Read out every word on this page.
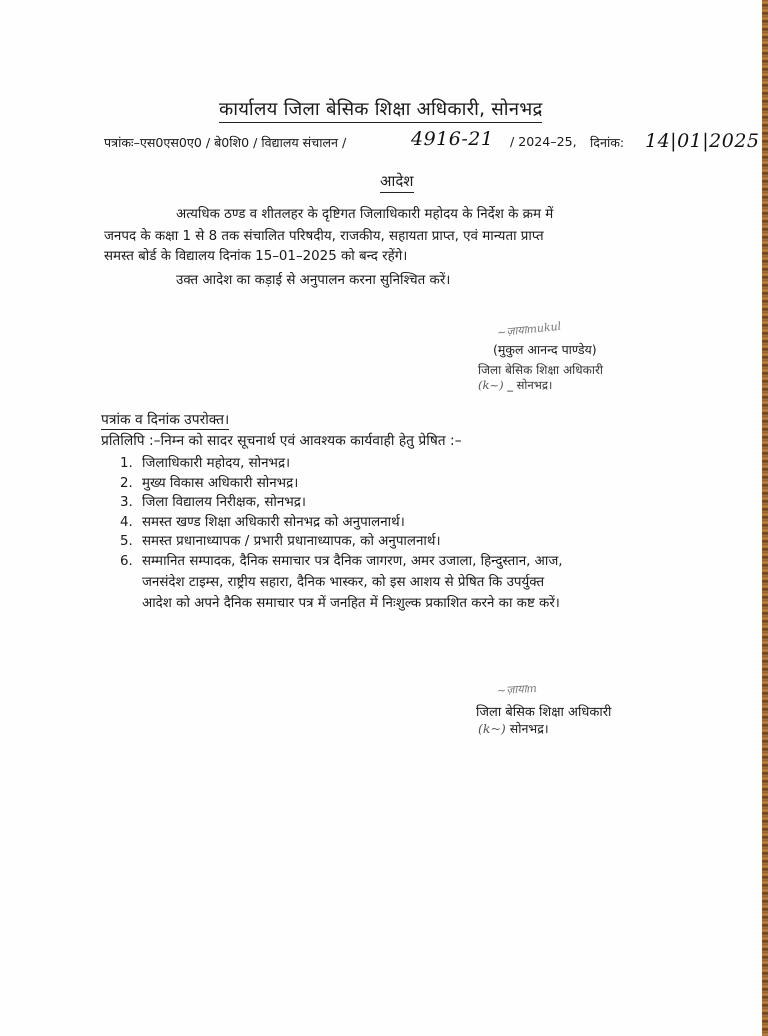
कार्यालय जिला बेसिक शिक्षा अधिकारी, सोनभद्र
पत्रांकः–एस0एस0ए0 / बे0शि0 / विद्यालय संचालन /	4916-21 / 2024–25, दिनांक: 14|01|2025
आदेश
अत्यधिक ठण्ड व शीतलहर के दृष्टिगत जिलाधिकारी महोदय के निर्देश के क्रम में
जनपद के कक्षा 1 से 8 तक संचालित परिषदीय, राजकीय, सहायता प्राप्त, एवं मान्यता प्राप्त
समस्त बोर्ड के विद्यालय दिनांक 15–01–2025 को बन्द रहेंगे।
उक्त आदेश का कड़ाई से अनुपालन करना सुनिश्चित करें।
~ज़ायाmukul
(मुकुल आनन्द पाण्डेय)
जिला बेसिक शिक्षा अधिकारी
(k~) _ सोनभद्र।
पत्रांक व दिनांक उपरोक्त।
प्रतिलिपि :–निम्न को सादर सूचनार्थ एवं आवश्यक कार्यवाही हेतु प्रेषित :–
1. जिलाधिकारी महोदय, सोनभद्र।
2. मुख्य विकास अधिकारी सोनभद्र।
3. जिला विद्यालय निरीक्षक, सोनभद्र।
4. समस्त खण्ड शिक्षा अधिकारी सोनभद्र को अनुपालनार्थ।
5. समस्त प्रधानाध्यापक / प्रभारी प्रधानाध्यापक, को अनुपालनार्थ।
6. सम्मानित सम्पादक, दैनिक समाचार पत्र दैनिक जागरण, अमर उजाला, हिन्दुस्तान, आज,
जनसंदेश टाइम्स, राष्ट्रीय सहारा, दैनिक भास्कर, को इस आशय से प्रेषित कि उपर्युक्त
आदेश को अपने दैनिक समाचार पत्र में जनहित में निःशुल्क प्रकाशित करने का कष्ट करें।
~ज़ायाm
जिला बेसिक शिक्षा अधिकारी
(k~) सोनभद्र।
